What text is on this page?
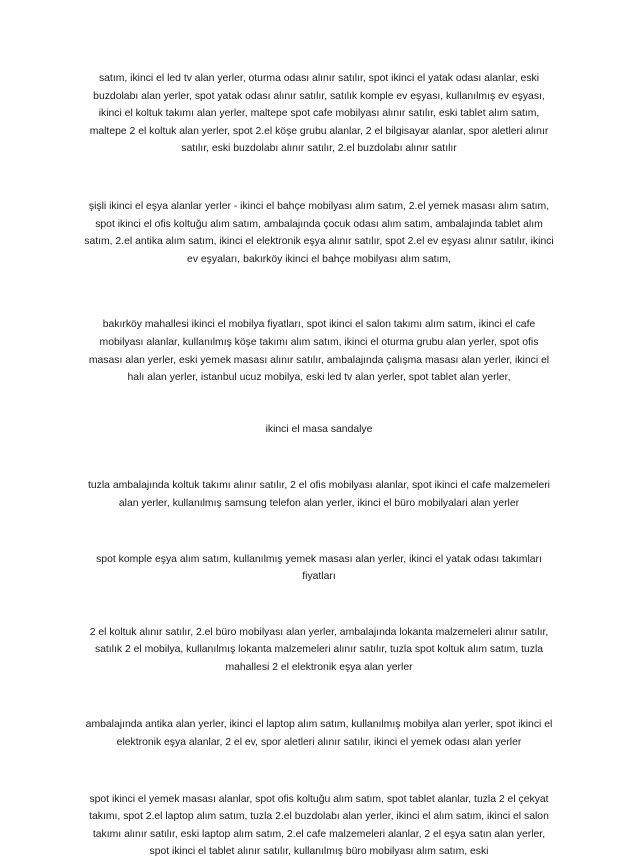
satım, ikinci el led tv alan yerler, oturma odası alınır satılır, spot ikinci el yatak odası alanlar, eski buzdolabı alan yerler, spot yatak odası alınır satılır, satılık komple ev eşyası, kullanılmış ev eşyası, ikinci el koltuk takımı alan yerler, maltepe spot cafe mobilyası alınır satılır, eski tablet alım satım, maltepe 2 el koltuk alan yerler, spot 2.el köşe grubu alanlar, 2 el bilgisayar alanlar, spor aletleri alınır satılır, eski buzdolabı alınır satılır, 2.el buzdolabı alınır satılır

şişli ikinci el eşya alanlar yerler - ikinci el bahçe mobilyası alım satım, 2.el yemek masası alım satım, spot ikinci el ofis koltuğu alım satım, ambalajında çocuk odası alım satım, ambalajında tablet alım satım, 2.el antika alım satım, ikinci el elektronik eşya alınır satılır, spot 2.el ev eşyası alınır satılır, ikinci ev eşyaları, bakırköy ikinci el bahçe mobilyası alım satım,

bakırköy mahallesi ikinci el mobilya fiyatları, spot ikinci el salon takımı alım satım, ikinci el cafe mobilyası alanlar, kullanılmış köşe takımı alım satım, ikinci el oturma grubu alan yerler, spot ofis masası alan yerler, eski yemek masası alınır satılır, ambalajında çalışma masası alan yerler, ikinci el halı alan yerler, istanbul ucuz mobilya, eski led tv alan yerler, spot tablet alan yerler,

ikinci el masa sandalye

tuzla ambalajında koltuk takımı alınır satılır, 2 el ofis mobilyası alanlar, spot ikinci el cafe malzemeleri alan yerler, kullanılmış samsung telefon alan yerler, ikinci el büro mobilyalari alan yerler

spot komple eşya alım satım, kullanılmış yemek masası alan yerler, ikinci el yatak odası takımları fiyatları

2 el koltuk alınır satılır, 2.el büro mobilyası alan yerler, ambalajında lokanta malzemeleri alınır satılır, satılık 2 el mobilya, kullanılmış lokanta malzemeleri alınır satılır, tuzla spot koltuk alım satım, tuzla mahallesi 2 el elektronik eşya alan yerler

ambalajında antika alan yerler, ikinci el laptop alım satım, kullanılmış mobilya alan yerler, spot ikinci el elektronik eşya alanlar, 2 el ev, spor aletleri alınır satılır, ikinci el yemek odası alan yerler

spot ikinci el yemek masası alanlar, spot ofis koltuğu alım satım, spot tablet alanlar, tuzla 2 el çekyat takımı, spot 2.el laptop alım satım, tuzla 2.el buzdolabı alan yerler, ikinci el alım satım, ikinci el salon takımı alınır satılır, eski laptop alım satım, 2.el cafe malzemeleri alanlar, 2 el eşya satın alan yerler, spot ikinci el tablet alınır satılır, kullanılmış büro mobilyası alım satım, eski
